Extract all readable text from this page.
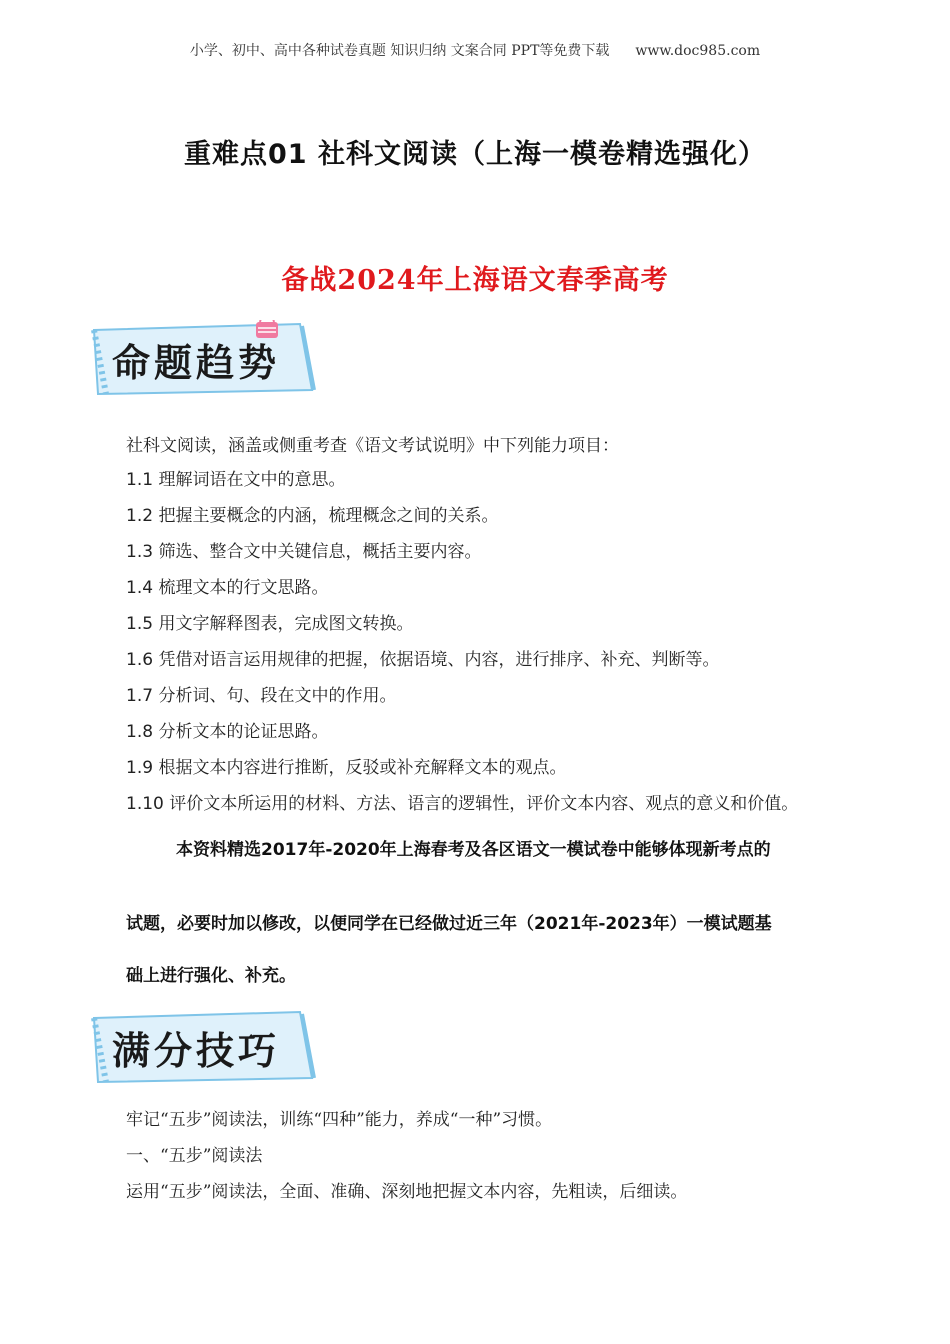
小学、初中、高中各种试卷真题 知识归纳 文案合同 PPT等免费下载 www.doc985.com
重难点01 社科文阅读（上海一模卷精选强化）
备战2024年上海语文春季高考
命题趋势
社科文阅读，涵盖或侧重考查《语文考试说明》中下列能力项目：
1.1 理解词语在文中的意思。
1.2 把握主要概念的内涵，梳理概念之间的关系。
1.3 筛选、整合文中关键信息，概括主要内容。
1.4 梳理文本的行文思路。
1.5 用文字解释图表，完成图文转换。
1.6 凭借对语言运用规律的把握，依据语境、内容，进行排序、补充、判断等。
1.7 分析词、句、段在文中的作用。
1.8 分析文本的论证思路。
1.9 根据文本内容进行推断，反驳或补充解释文本的观点。
1.10 评价文本所运用的材料、方法、语言的逻辑性，评价文本内容、观点的意义和价值。
本资料精选2017年-2020年上海春考及各区语文一模试卷中能够体现新考点的
试题，必要时加以修改，以便同学在已经做过近三年（2021年-2023年）一模试题基
础上进行强化、补充。
满分技巧
牢记“五步”阅读法，训练“四种”能力，养成“一种”习惯。
一、“五步”阅读法
运用“五步”阅读法，全面、准确、深刻地把握文本内容，先粗读，后细读。
